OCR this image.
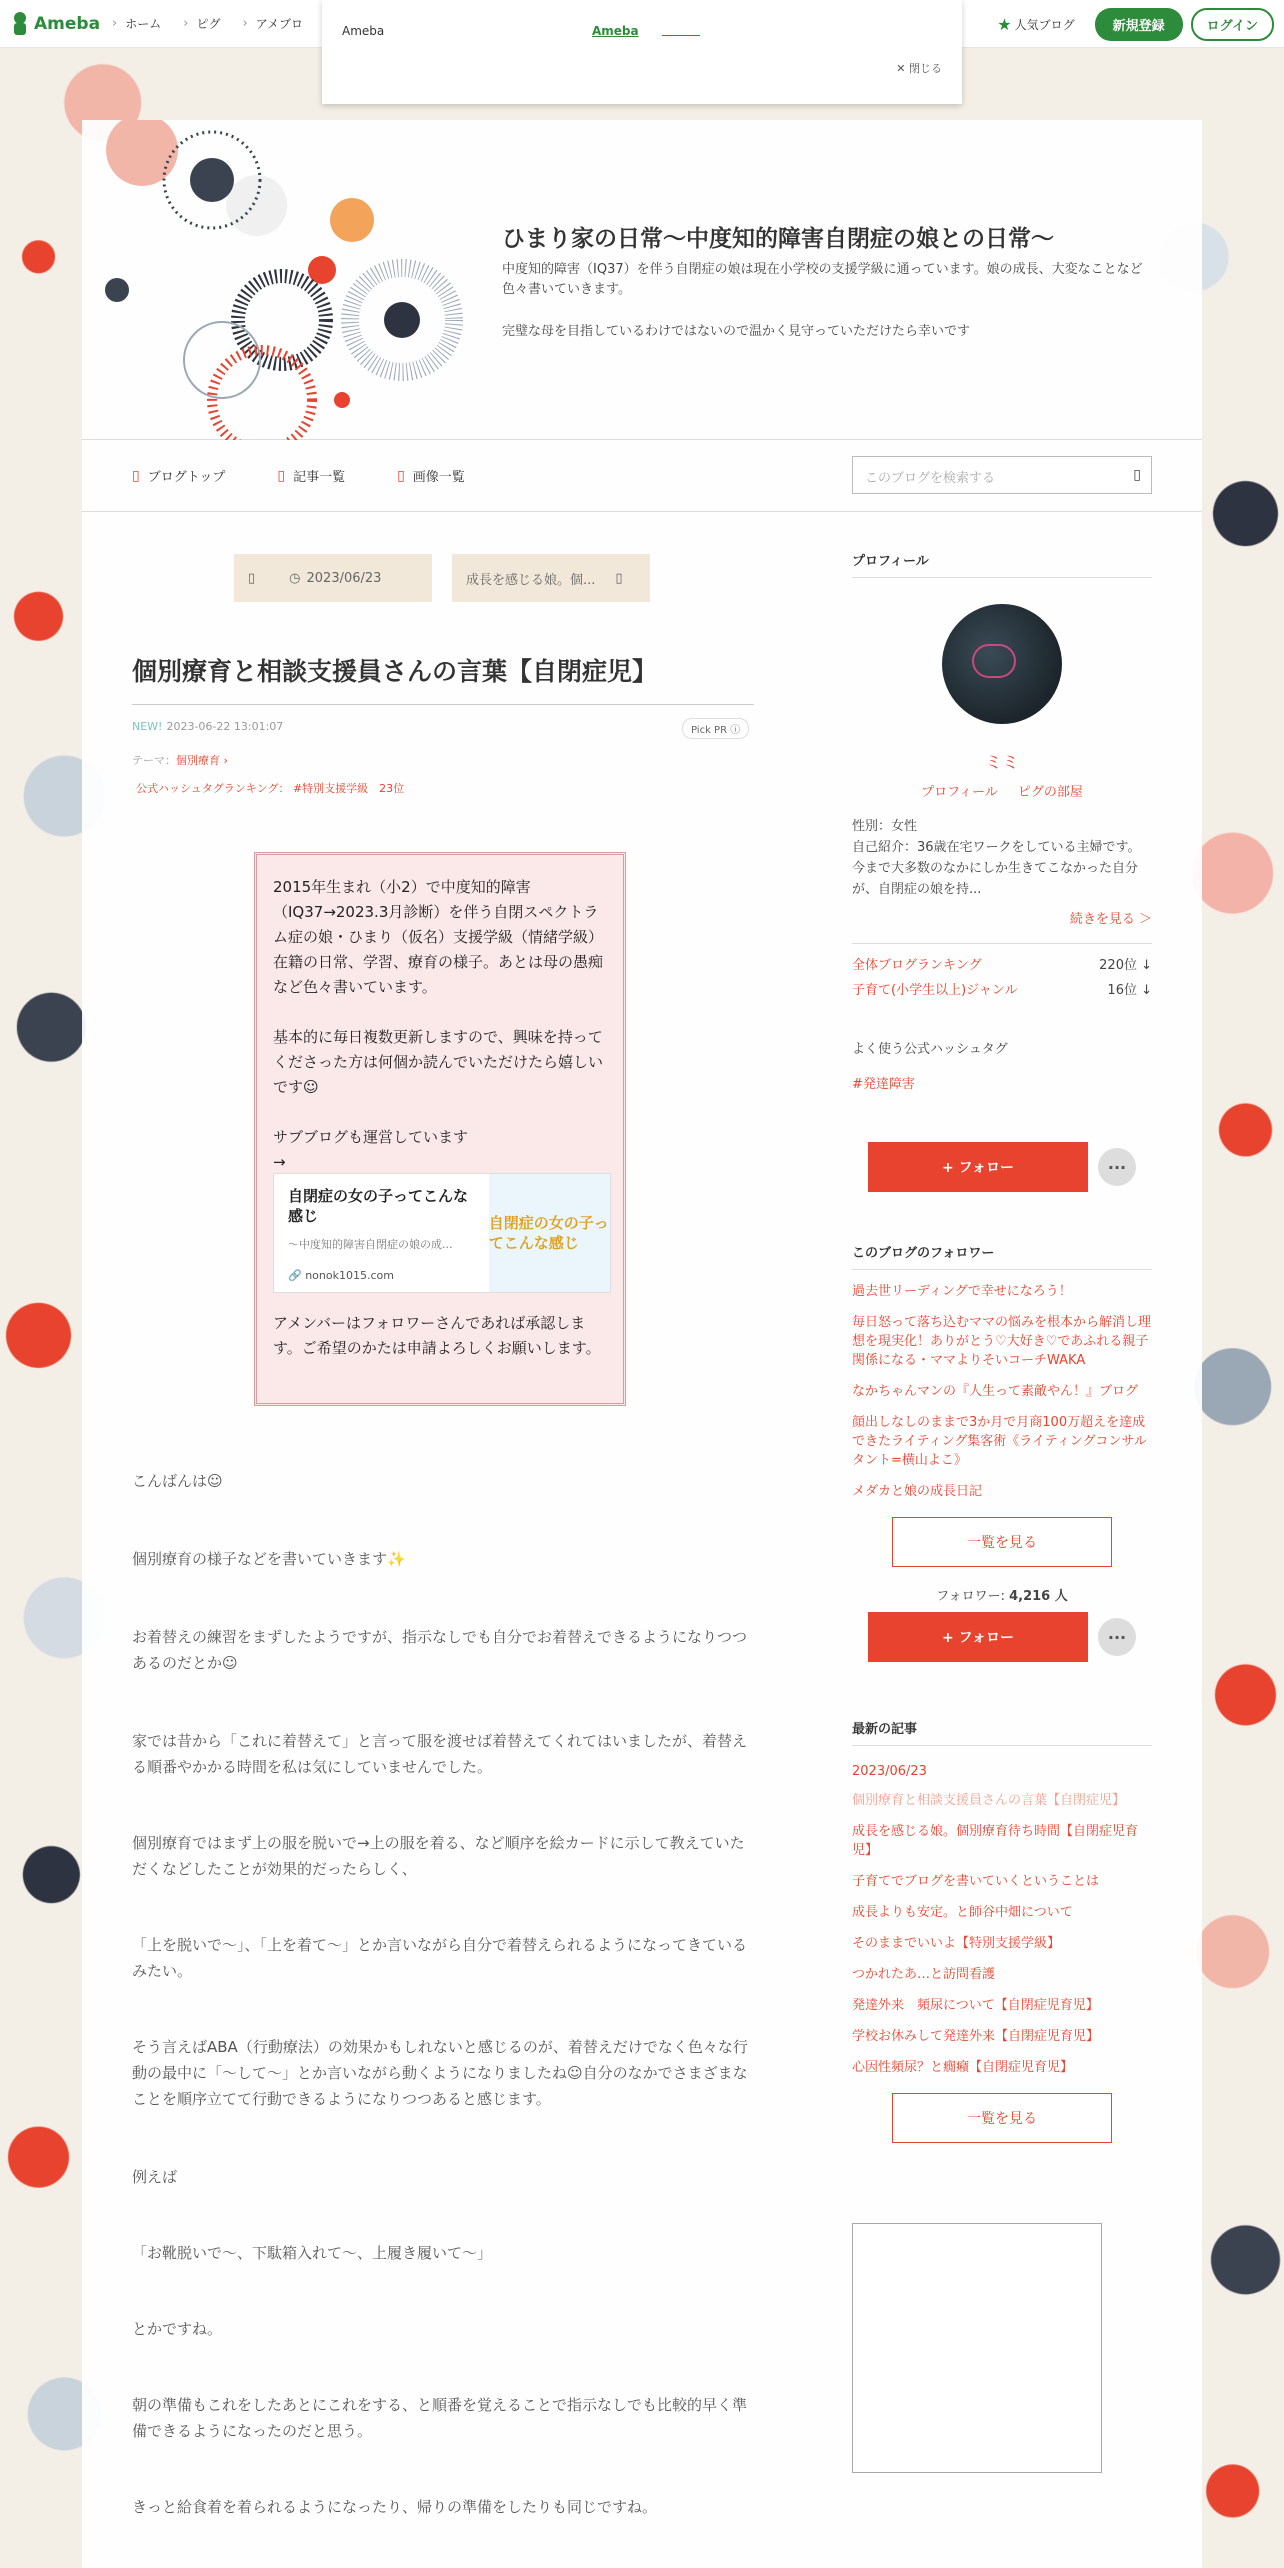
Ameba	› ホーム	› ピグ	› アメブロ	★ 人気ブログ	新規登録	ログイン
Ameba	Ameba
✕ 閉じる
ひまり家の日常〜中度知的障害自閉症の娘との日常〜
中度知的障害（IQ37）を伴う自閉症の娘は現在小学校の支援学級に通っています。娘の成長、大変なことなど色々書いていきます。
完璧な母を目指しているわけではないので温かく見守っていただけたら幸いです
▯ ブログトップ	▯ 記事一覧	▯ 画像一覧	このブログを検索する	▯
▯	◷ 2023/06/23	成長を感じる娘。個... ▯
個別療育と相談支援員さんの言葉【自閉症児】
NEW! 2023-06-22 13:01:07	Pick PR ⓘ
テーマ：個別療育 ›
公式ハッシュタグランキング： #特別支援学級　23位

2015年生まれ（小2）で中度知的障害（IQ37→2023.3月診断）を伴う自閉スペクトラム症の娘・ひまり（仮名）支援学級（情緒学級）在籍の日常、学習、療育の様子。あとは母の愚痴など色々書いています。

基本的に毎日複数更新しますので、興味を持ってくださった方は何個か読んでいただけたら嬉しいです☺

サブブログも運営しています
→
自閉症の女の子ってこんな感じ
〜中度知的障害自閉症の娘の成...
🔗 nonok1015.com
自閉症の女の子ってこんな感じ
アメンバーはフォロワーさんであれば承認します。ご希望のかたは申請よろしくお願いします。
こんばんは☺
個別療育の様子などを書いていきます✨
お着替えの練習をまずしたようですが、指示なしでも自分でお着替えできるようになりつつあるのだとか☺
家では昔から「これに着替えて」と言って服を渡せば着替えてくれてはいましたが、着替える順番やかかる時間を私は気にしていませんでした。
個別療育ではまず上の服を脱いで→上の服を着る、など順序を絵カードに示して教えていただくなどしたことが効果的だったらしく、
「上を脱いで〜」、「上を着て〜」とか言いながら自分で着替えられるようになってきているみたい。
そう言えばABA（行動療法）の効果かもしれないと感じるのが、着替えだけでなく色々な行動の最中に「〜して〜」とか言いながら動くようになりましたね☺自分のなかでさまざまなことを順序立てて行動できるようになりつつあると感じます。
例えば
「お靴脱いで〜、下駄箱入れて〜、上履き履いて〜」
とかですね。
朝の準備もこれをしたあとにこれをする、と順番を覚えることで指示なしでも比較的早く準備できるようになったのだと思う。
きっと給食着を着られるようになったり、帰りの準備をしたりも同じですね。
プロフィール
ミミ
プロフィール ピグの部屋
性別：女性
自己紹介：36歳在宅ワークをしている主婦です。今まで大多数のなかにしか生きてこなかった自分が、自閉症の娘を持...
続きを見る ＞
全体ブログランキング	220位 ↓
子育て(小学生以上)ジャンル	16位 ↓
よく使う公式ハッシュタグ
#発達障害
+ フォロー	···
このブログのフォロワー
過去世リーディングで幸せになろう！
毎日怒って落ち込むママの悩みを根本から解消し理想を現実化！ありがとう♡大好き♡であふれる親子関係になる・ママよりそいコーチWAKA
なかちゃんマンの『人生って素敵やん！』ブログ
顔出しなしのままで3か月で月商100万超えを達成できたライティング集客術《ライティングコンサルタント=横山よこ》
メダカと娘の成長日記
一覧を見る
フォロワー: 4,216 人
+ フォロー	···
最新の記事
2023/06/23
個別療育と相談支援員さんの言葉【自閉症児】
成長を感じる娘。個別療育待ち時間【自閉症児育児】
子育てでブログを書いていくということは
成長よりも安定。と師谷中畑について
そのままでいいよ【特別支援学級】
つかれたあ…と訪問看護
発達外来　頻尿について【自閉症児育児】
学校お休みして発達外来【自閉症児育児】
心因性頻尿？と癇癪【自閉症児育児】
一覧を見る
